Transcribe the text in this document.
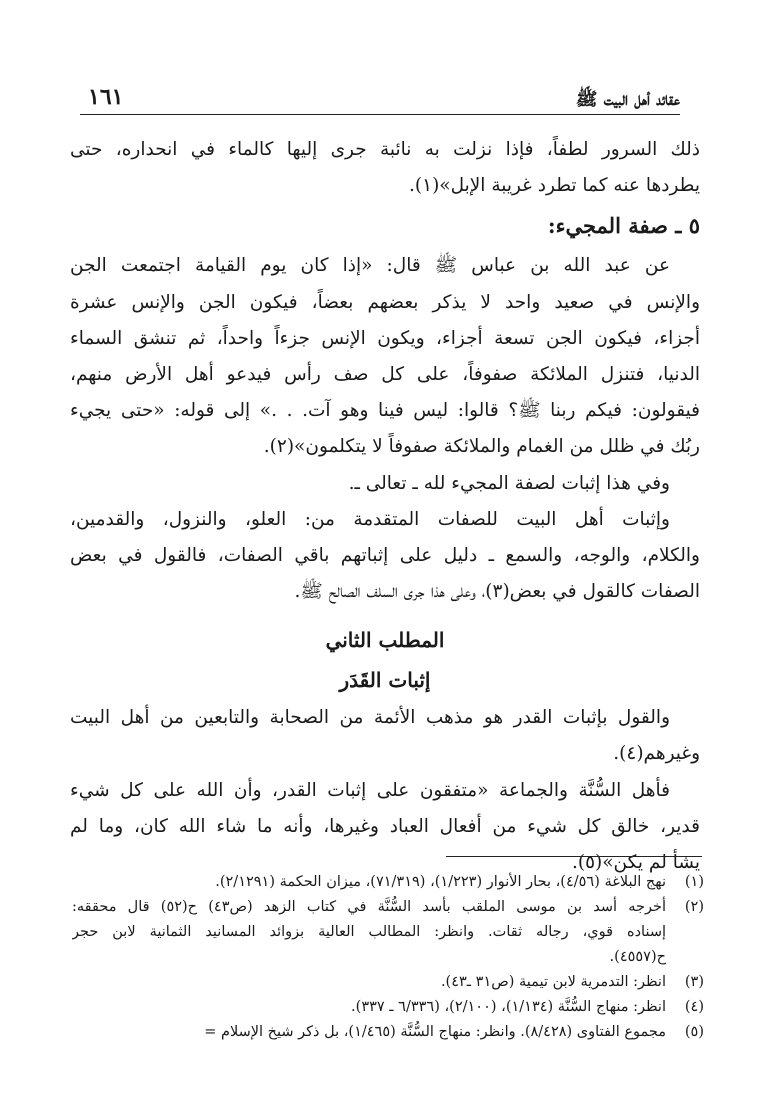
عقائد أهل البيت ﷺ
١٦١
ذلك السرور لطفاً، فإذا نزلت به نائبة جرى إليها كالماء في انحداره، حتى
يطردها عنه كما تطرد غريبة الإبل»(١).
٥ ـ صفة المجيء:
عن عبد الله بن عباس ﷺ قال: «إذا كان يوم القيامة اجتمعت الجن
والإنس في صعيد واحد لا يذكر بعضهم بعضاً، فيكون الجن والإنس عشرة
أجزاء، فيكون الجن تسعة أجزاء، ويكون الإنس جزءاً واحداً، ثم تنشق السماء
الدنيا، فتنزل الملائكة صفوفاً، على كل صف رأس فيدعو أهل الأرض منهم،
فيقولون: فيكم ربنا ﷺ؟ قالوا: ليس فينا وهو آت. . .» إلى قوله: «حتى يجيء
ربُك في ظلل من الغمام والملائكة صفوفاً لا يتكلمون»(٢).
وفي هذا إثبات لصفة المجيء لله ـ تعالى ـ.
وإثبات أهل البيت للصفات المتقدمة من: العلو، والنزول، والقدمين،
والكلام، والوجه، والسمع ـ دليل على إثباتهم باقي الصفات، فالقول في بعض
الصفات كالقول في بعض(٣)، وعلى هذا جرى السلف الصالح ﷺ.
المطلب الثاني
إثبات القَدَر
والقول بإثبات القدر هو مذهب الأئمة من الصحابة والتابعين من أهل البيت
وغيرهم(٤).
فأهل السُّنَّة والجماعة «متفقون على إثبات القدر، وأن الله على كل شيء
قدير، خالق كل شيء من أفعال العباد وغيرها، وأنه ما شاء الله كان، وما لم
يشأ لم يكن»(٥).
(١)
نهج البلاغة (٤/٥٦)، بحار الأنوار (١/٢٢٣)، (٧١/٣١٩)، ميزان الحكمة (٢/١٢٩١).
(٢)
أخرجه أسد بن موسى الملقب بأسد السُّنَّة في كتاب الزهد (ص٤٣) ح(٥٢) قال محققه:
إسناده قوي، رجاله ثقات. وانظر: المطالب العالية بزوائد المسانيد الثمانية لابن حجر
ح(٤٥٥٧).
(٣)
انظر: التدمرية لابن تيمية (ص٣١ ـ٤٣).
(٤)
انظر: منهاج السُّنَّة (١/١٣٤)، (٢/١٠٠)، (٦/٣٣٦ ـ ٣٣٧).
(٥)
مجموع الفتاوى (٨/٤٢٨). وانظر: منهاج السُّنَّة (١/٤٦٥)، بل ذكر شيخ الإسلام =
